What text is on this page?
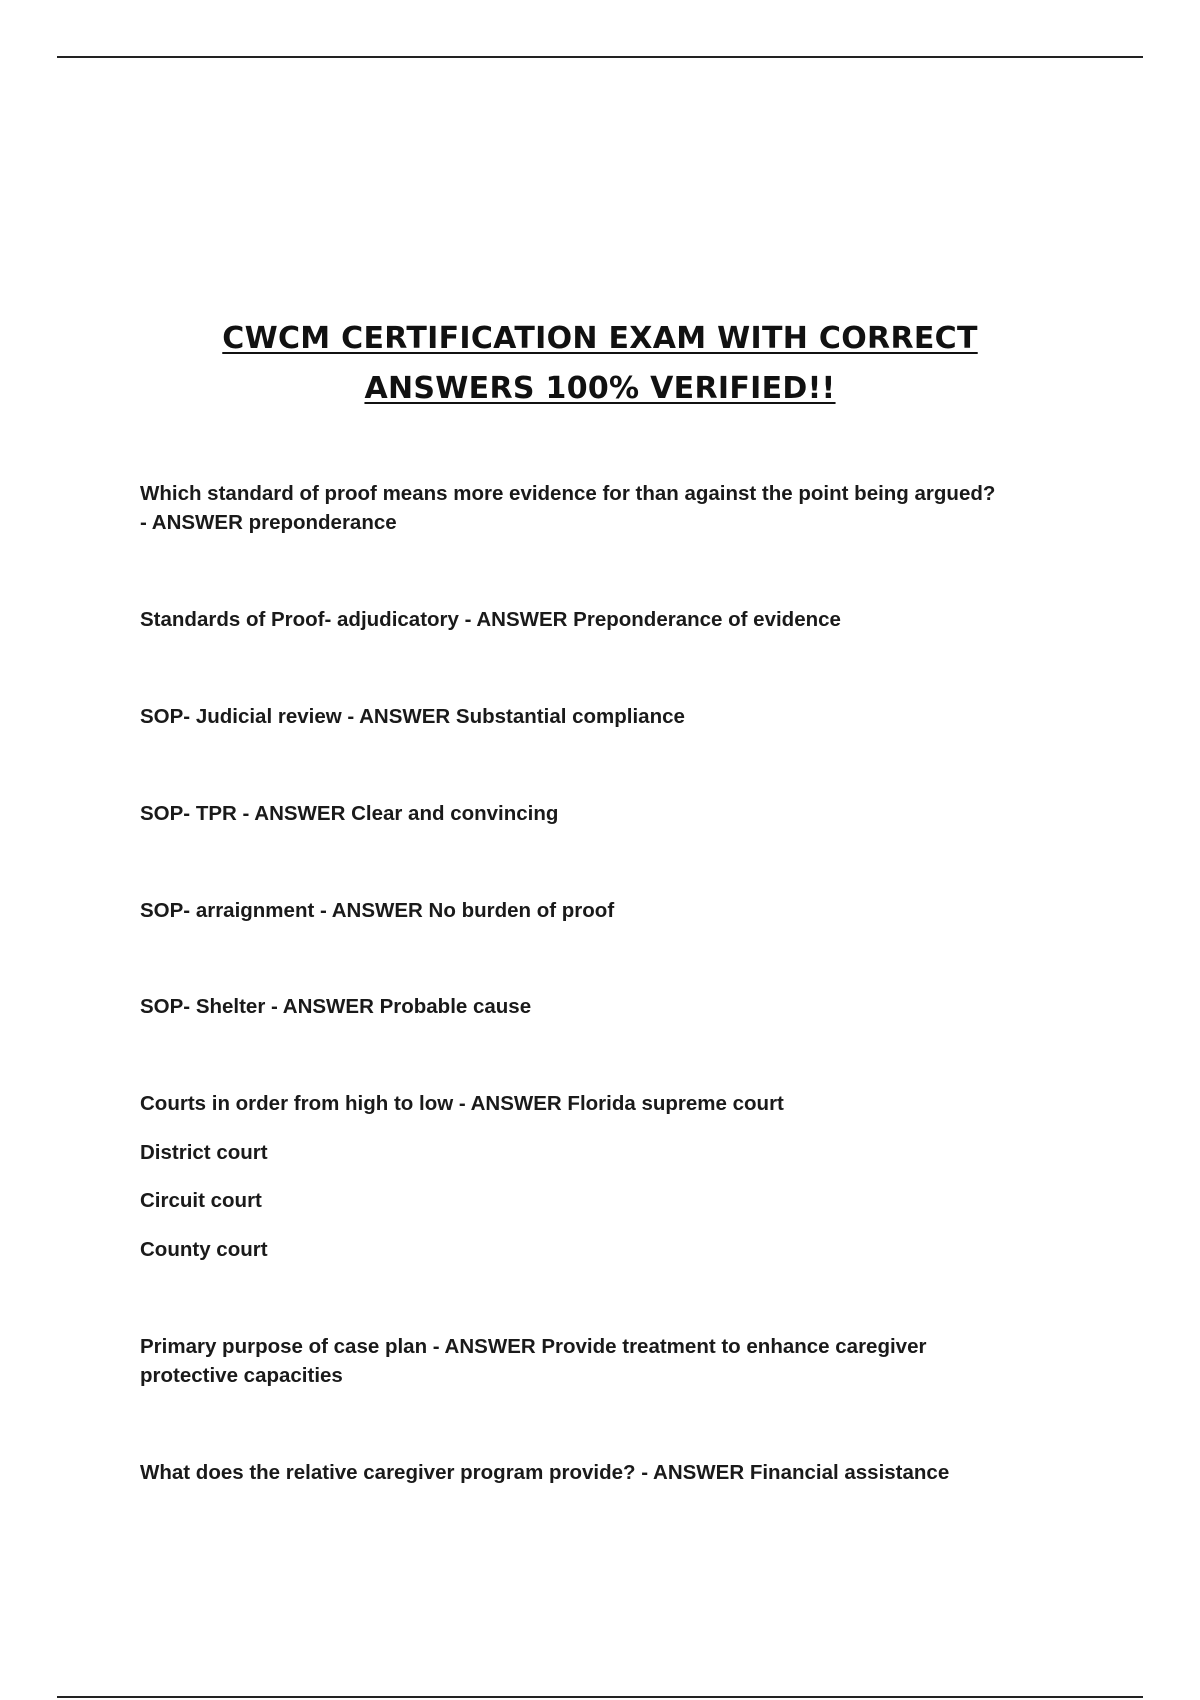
CWCM CERTIFICATION EXAM WITH CORRECT
ANSWERS 100% VERIFIED!!

Which standard of proof means more evidence for than against the point being argued?
- ANSWER preponderance

Standards of Proof- adjudicatory - ANSWER Preponderance of evidence

SOP- Judicial review - ANSWER Substantial compliance

SOP- TPR - ANSWER Clear and convincing

SOP- arraignment - ANSWER No burden of proof

SOP- Shelter - ANSWER Probable cause

Courts in order from high to low - ANSWER Florida supreme court

District court

Circuit court

County court

Primary purpose of case plan - ANSWER Provide treatment to enhance caregiver
protective capacities

What does the relative caregiver program provide? - ANSWER Financial assistance
